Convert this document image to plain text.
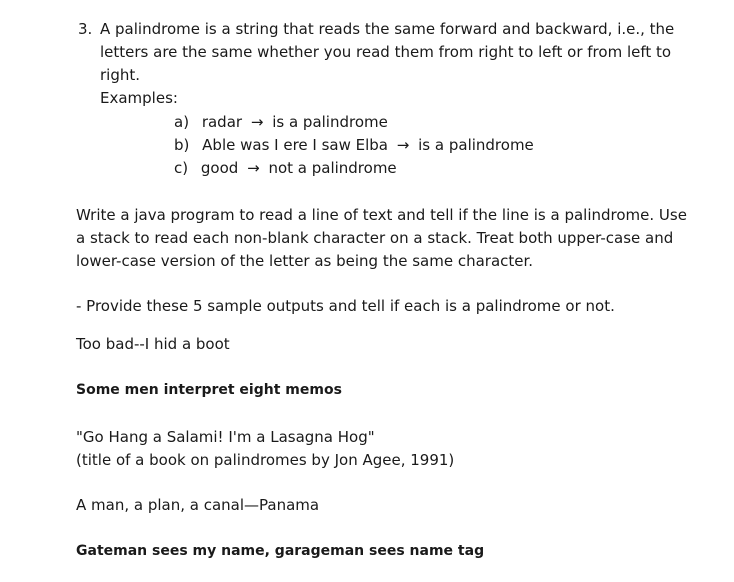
3. A palindrome is a string that reads the same forward and backward, i.e., the
letters are the same whether you read them from right to left or from left to
right.
Examples:
a) radar → is a palindrome
b) Able was I ere I saw Elba → is a palindrome
c) good → not a palindrome
Write a java program to read a line of text and tell if the line is a palindrome. Use
a stack to read each non-blank character on a stack. Treat both upper-case and
lower-case version of the letter as being the same character.
- Provide these 5 sample outputs and tell if each is a palindrome or not.
Too bad--I hid a boot
Some men interpret eight memos
"Go Hang a Salami! I'm a Lasagna Hog"
(title of a book on palindromes by Jon Agee, 1991)
A man, a plan, a canal—Panama
Gateman sees my name, garageman sees name tag
